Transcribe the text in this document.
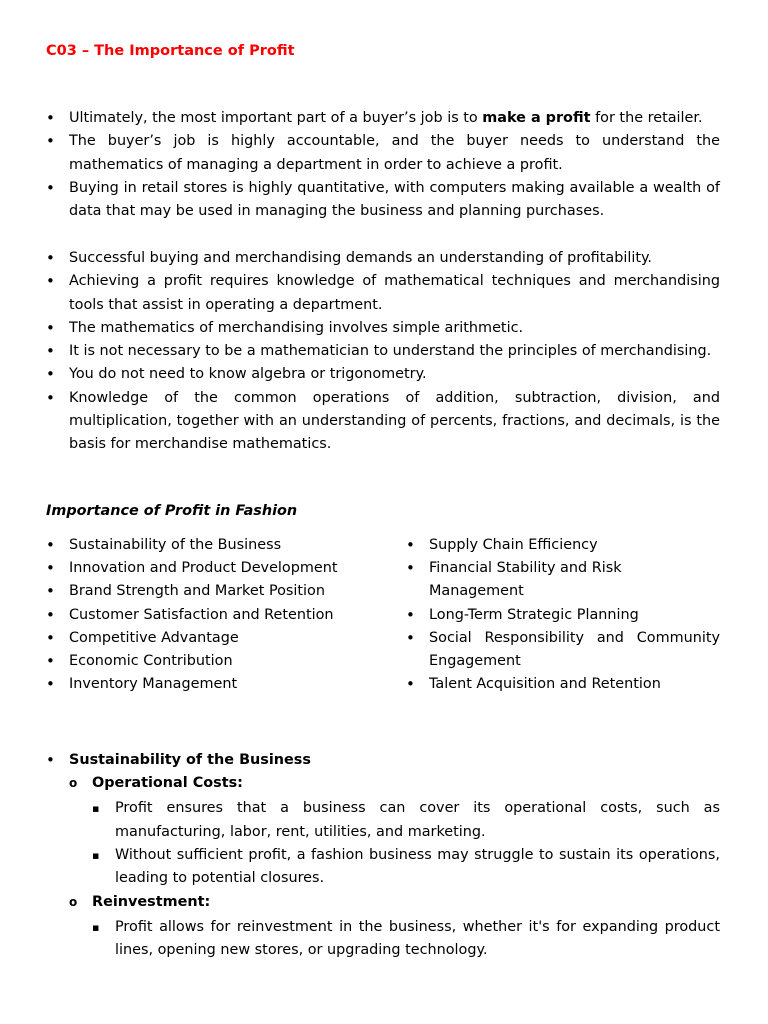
C03 – The Importance of Profit
• Ultimately, the most important part of a buyer’s job is to make a profit for the retailer.
• The buyer’s job is highly accountable, and the buyer needs to understand the mathematics of managing a department in order to achieve a profit.
• Buying in retail stores is highly quantitative, with computers making available a wealth of data that may be used in managing the business and planning purchases.
• Successful buying and merchandising demands an understanding of profitability.
• Achieving a profit requires knowledge of mathematical techniques and merchandising tools that assist in operating a department.
• The mathematics of merchandising involves simple arithmetic.
• It is not necessary to be a mathematician to understand the principles of merchandising.
• You do not need to know algebra or trigonometry.
• Knowledge of the common operations of addition, subtraction, division, and multiplication, together with an understanding of percents, fractions, and decimals, is the basis for merchandise mathematics.
Importance of Profit in Fashion
• Sustainability of the Business
• Innovation and Product Development
• Brand Strength and Market Position
• Customer Satisfaction and Retention
• Competitive Advantage
• Economic Contribution
• Inventory Management
• Supply Chain Efficiency
• Financial Stability and Risk Management
• Long-Term Strategic Planning
• Social Responsibility and Community Engagement
• Talent Acquisition and Retention
• Sustainability of the Business
o Operational Costs:
▪ Profit ensures that a business can cover its operational costs, such as manufacturing, labor, rent, utilities, and marketing.
▪ Without sufficient profit, a fashion business may struggle to sustain its operations, leading to potential closures.
o Reinvestment:
▪ Profit allows for reinvestment in the business, whether it's for expanding product lines, opening new stores, or upgrading technology.
